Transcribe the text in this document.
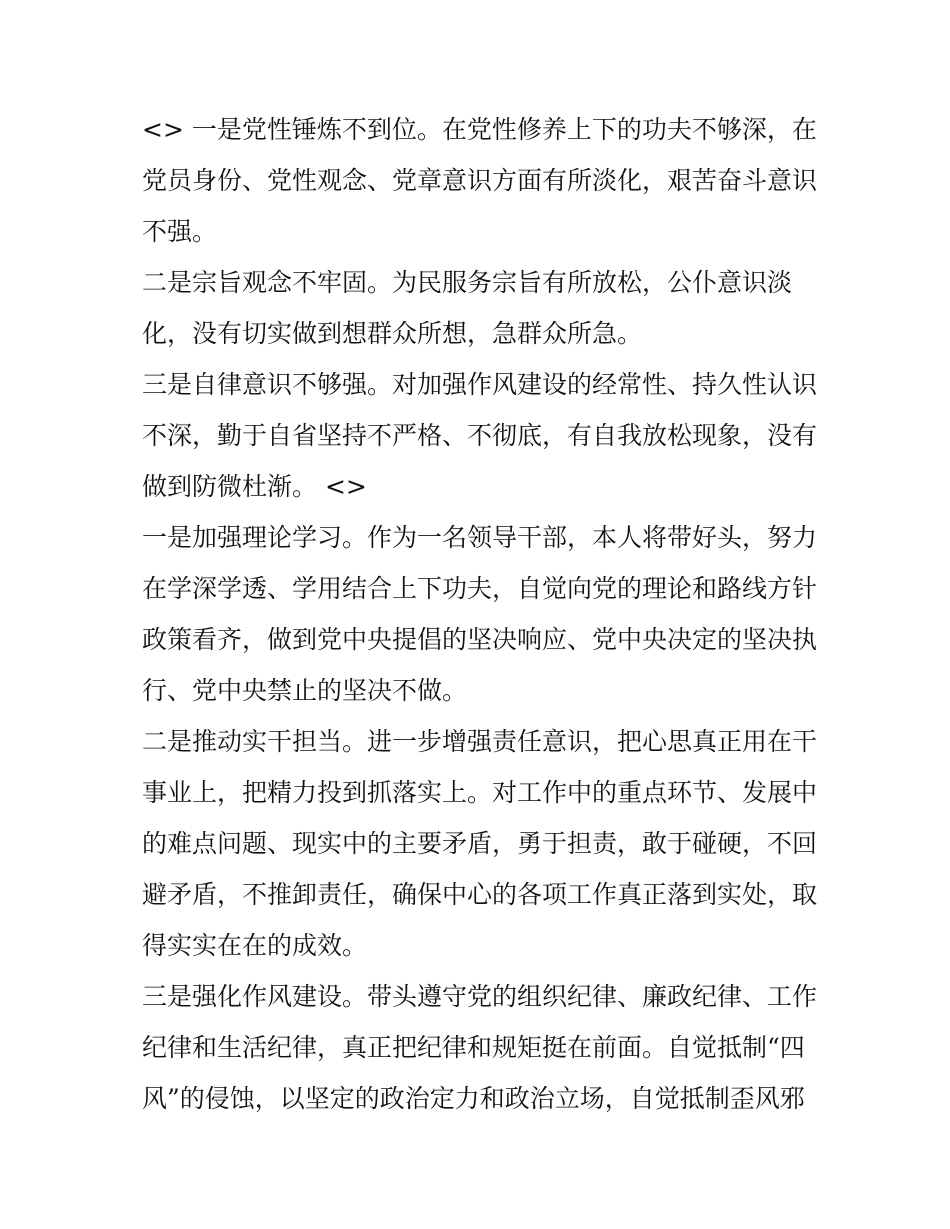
<> 一是党性锤炼不到位。在党性修养上下的功夫不够深，在
党员身份、党性观念、党章意识方面有所淡化，艰苦奋斗意识
不强。
二是宗旨观念不牢固。为民服务宗旨有所放松，公仆意识淡
化，没有切实做到想群众所想，急群众所急。
三是自律意识不够强。对加强作风建设的经常性、持久性认识
不深，勤于自省坚持不严格、不彻底，有自我放松现象，没有
做到防微杜渐。 <>
一是加强理论学习。作为一名领导干部，本人将带好头，努力
在学深学透、学用结合上下功夫，自觉向党的理论和路线方针
政策看齐，做到党中央提倡的坚决响应、党中央决定的坚决执
行、党中央禁止的坚决不做。
二是推动实干担当。进一步增强责任意识，把心思真正用在干
事业上，把精力投到抓落实上。对工作中的重点环节、发展中
的难点问题、现实中的主要矛盾，勇于担责，敢于碰硬，不回
避矛盾，不推卸责任，确保中心的各项工作真正落到实处，取
得实实在在的成效。
三是强化作风建设。带头遵守党的组织纪律、廉政纪律、工作
纪律和生活纪律，真正把纪律和规矩挺在前面。自觉抵制“四
风”的侵蚀，以坚定的政治定力和政治立场，自觉抵制歪风邪
